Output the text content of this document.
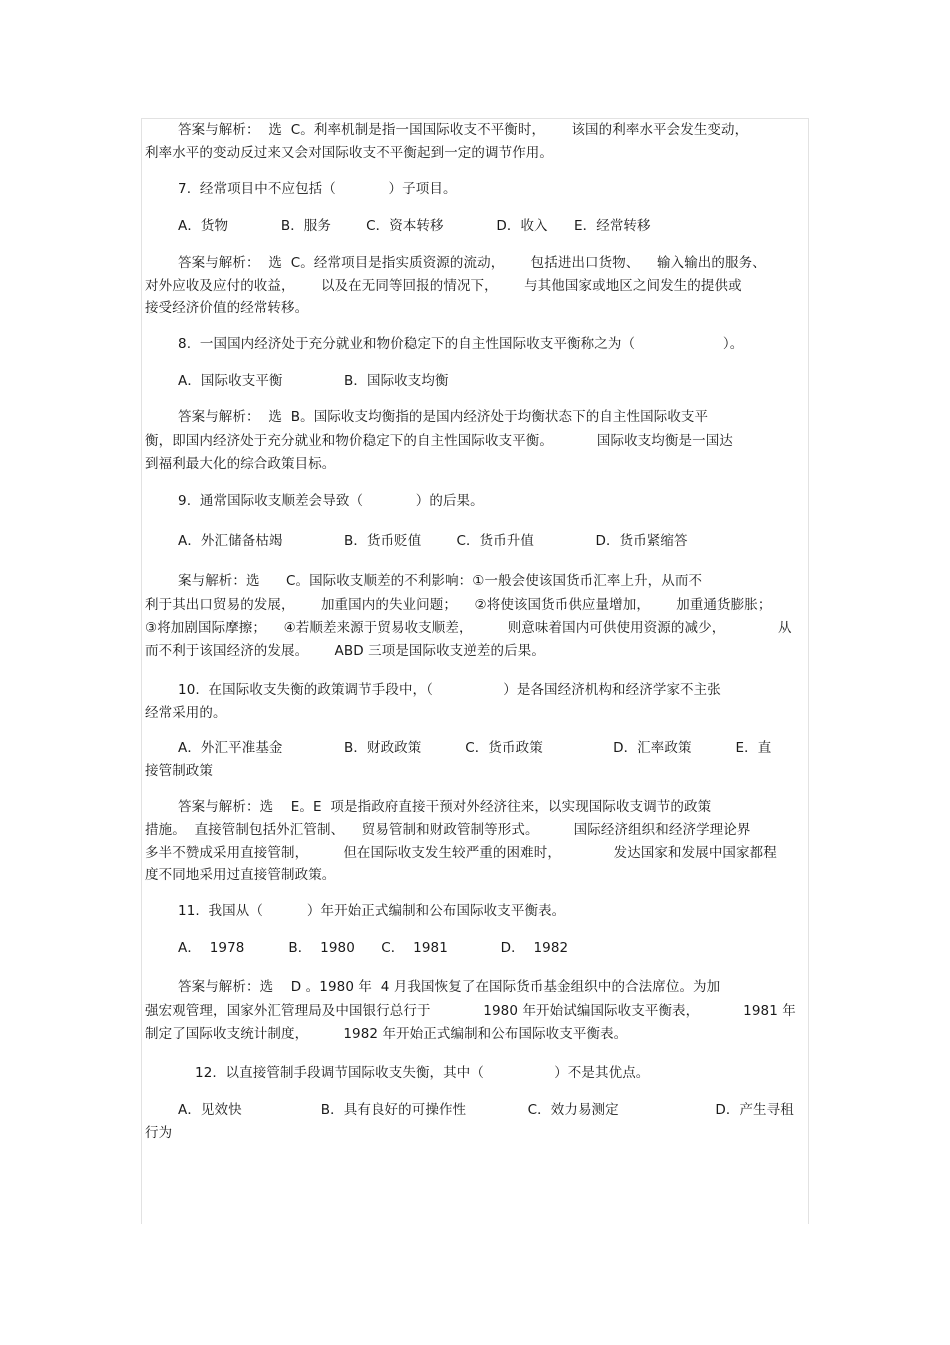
答案与解析：  选  C。利率机制是指一国国际收支不平衡时，      该国的利率水平会发生变动，
利率水平的变动反过来又会对国际收支不平衡起到一定的调节作用。
7.  经常项目中不应包括（            ）子项目。
A．货物            B．服务        C．资本转移            D．收入      E．经常转移
答案与解析：  选  C。经常项目是指实质资源的流动，      包括进出口货物、    输入输出的服务、
对外应收及应付的收益，      以及在无同等回报的情况下，      与其他国家或地区之间发生的提供或
接受经济价值的经常转移。
8.  一国国内经济处于充分就业和物价稳定下的自主性国际收支平衡称之为（                    ）。
A．国际收支平衡              B．国际收支均衡
答案与解析：  选  B。国际收支均衡指的是国内经济处于均衡状态下的自主性国际收支平
衡，即国内经济处于充分就业和物价稳定下的自主性国际收支平衡。          国际收支均衡是一国达
到福利最大化的综合政策目标。
9.  通常国际收支顺差会导致（            ）的后果。
A．外汇储备枯竭              B．货币贬值        C．货币升值              D．货币紧缩答
案与解析：选      C。国际收支顺差的不利影响：①一般会使该国货币汇率上升，从而不
利于其出口贸易的发展，      加重国内的失业问题；    ②将使该国货币供应量增加，      加重通货膨胀；
③将加剧国际摩擦；    ④若顺差来源于贸易收支顺差，        则意味着国内可供使用资源的减少，            从
而不利于该国经济的发展。      ABD 三项是国际收支逆差的后果。
10.  在国际收支失衡的政策调节手段中，（                ）是各国经济机构和经济学家不主张
经常采用的。
A．外汇平准基金              B．财政政策          C．货币政策                D．汇率政策          E．直
接管制政策
答案与解析：选    E。E  项是指政府直接干预对外经济往来，以实现国际收支调节的政策
措施。  直接管制包括外汇管制、    贸易管制和财政管制等形式。        国际经济组织和经济学理论界
多半不赞成采用直接管制，        但在国际收支发生较严重的困难时，            发达国家和发展中国家都程
度不同地采用过直接管制政策。
11.  我国从（          ）年开始正式编制和公布国际收支平衡表。
A．  1978          B．  1980      C．  1981            D．  1982
答案与解析：选    D 。1980 年  4 月我国恢复了在国际货币基金组织中的合法席位。为加
强宏观管理，国家外汇管理局及中国银行总行于            1980 年开始试编国际收支平衡表，          1981 年
制定了国际收支统计制度，        1982 年开始正式编制和公布国际收支平衡表。
12.  以直接管制手段调节国际收支失衡，其中（                ）不是其优点。
A．见效快                  B．具有良好的可操作性              C．效力易测定                      D．产生寻租
行为
